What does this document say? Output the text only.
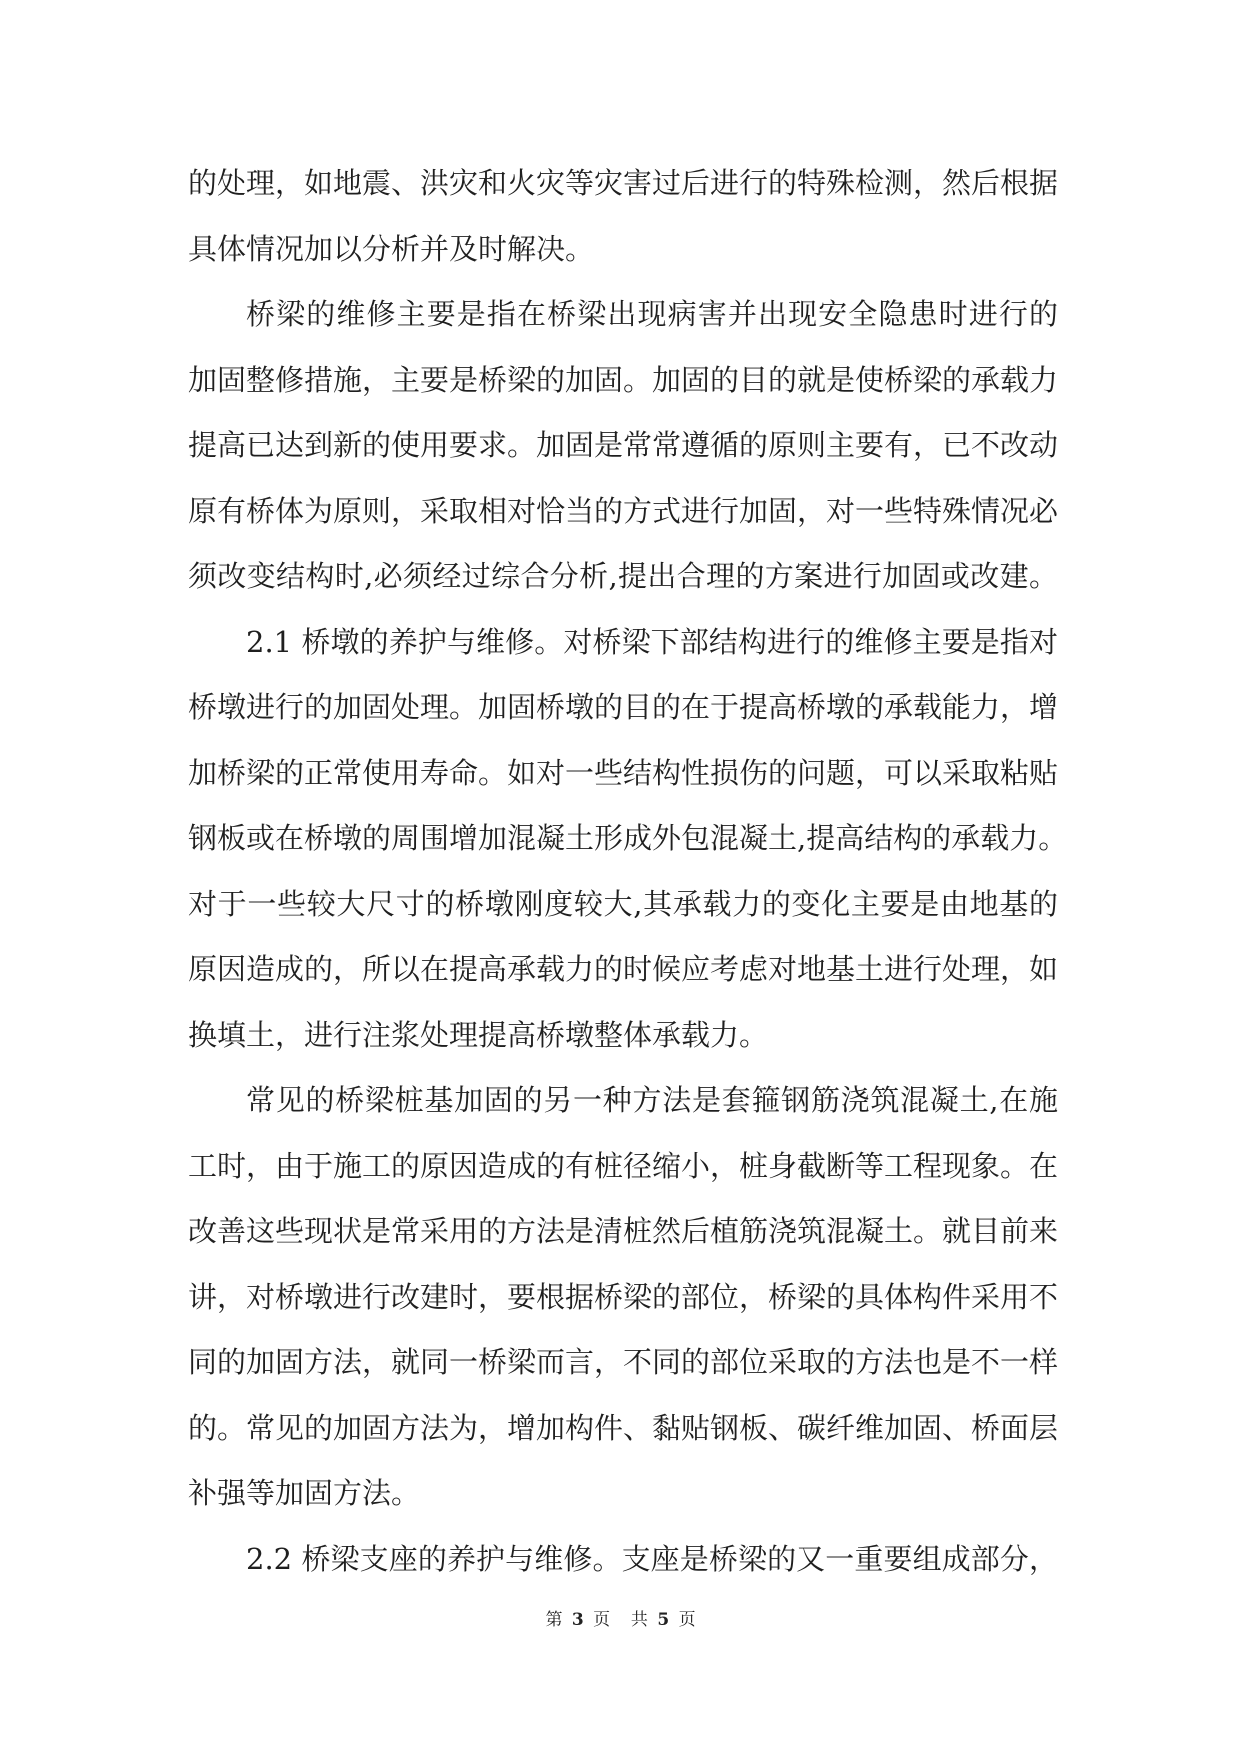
的处理，如地震、洪灾和火灾等灾害过后进行的特殊检测，然后根据
具体情况加以分析并及时解决。
桥梁的维修主要是指在桥梁出现病害并出现安全隐患时进行的
加固整修措施，主要是桥梁的加固。加固的目的就是使桥梁的承载力
提高已达到新的使用要求。加固是常常遵循的原则主要有，已不改动
原有桥体为原则，采取相对恰当的方式进行加固，对一些特殊情况必
须改变结构时,必须经过综合分析,提出合理的方案进行加固或改建。
2.1 桥墩的养护与维修。对桥梁下部结构进行的维修主要是指对
桥墩进行的加固处理。加固桥墩的目的在于提高桥墩的承载能力，增
加桥梁的正常使用寿命。如对一些结构性损伤的问题，可以采取粘贴
钢板或在桥墩的周围增加混凝土形成外包混凝土,提高结构的承载力。
对于一些较大尺寸的桥墩刚度较大,其承载力的变化主要是由地基的
原因造成的，所以在提高承载力的时候应考虑对地基土进行处理，如
换填土，进行注浆处理提高桥墩整体承载力。
常见的桥梁桩基加固的另一种方法是套箍钢筋浇筑混凝土,在施
工时，由于施工的原因造成的有桩径缩小，桩身截断等工程现象。在
改善这些现状是常采用的方法是清桩然后植筋浇筑混凝土。就目前来
讲，对桥墩进行改建时，要根据桥梁的部位，桥梁的具体构件采用不
同的加固方法，就同一桥梁而言，不同的部位采取的方法也是不一样
的。常见的加固方法为，增加构件、黏贴钢板、碳纤维加固、桥面层
补强等加固方法。
2.2 桥梁支座的养护与维修。支座是桥梁的又一重要组成部分，
第 3 页 共 5 页
